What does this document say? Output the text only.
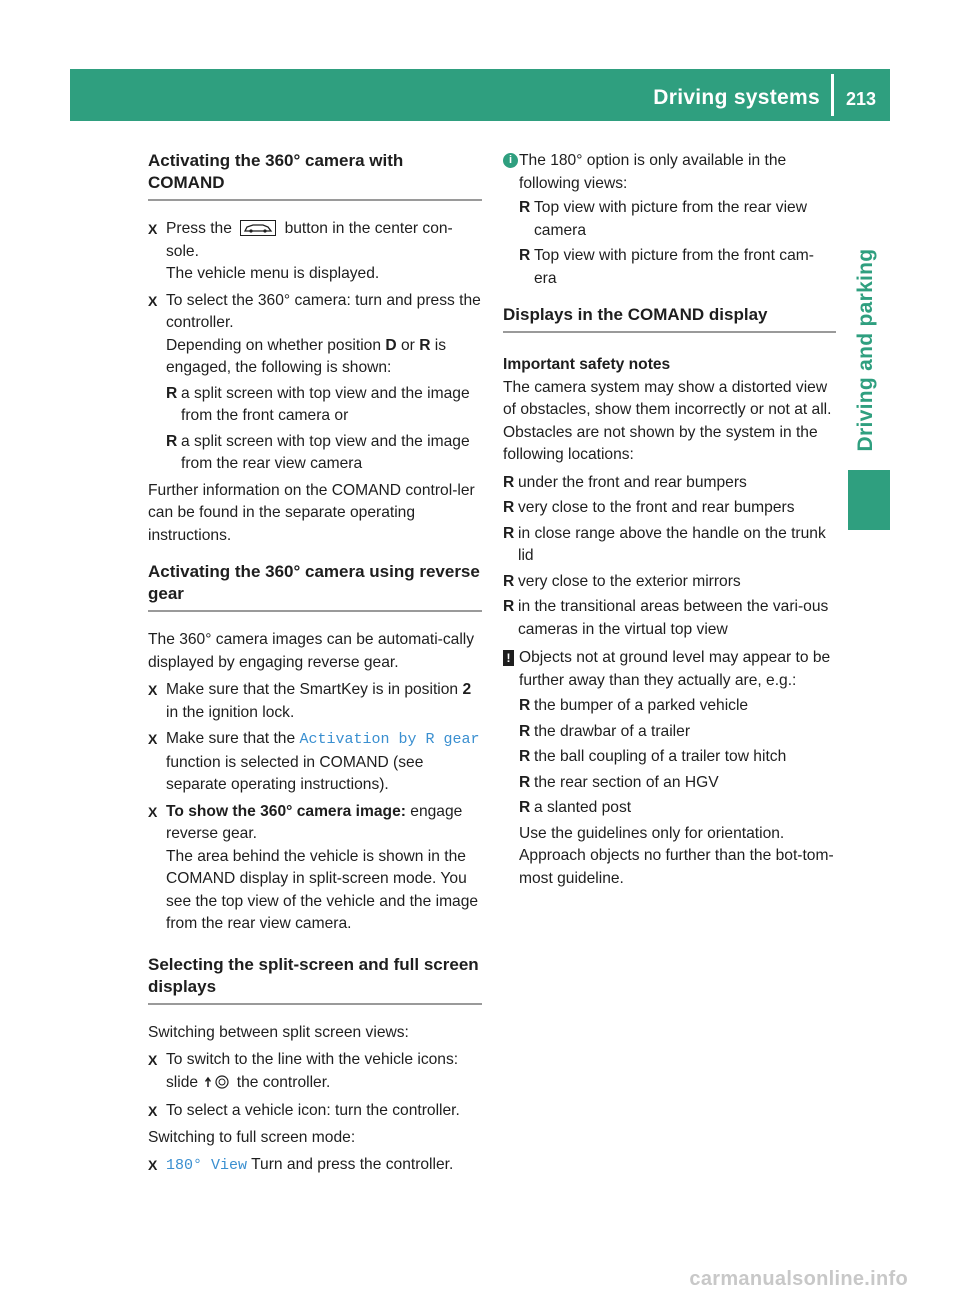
Driving systems	213
Driving and parking
Activating the 360° camera with COMAND
X Press the	button in the center con-sole.
The vehicle menu is displayed.
X To select the 360° camera: turn and press the controller.
Depending on whether position D or R is engaged, the following is shown:
R a split screen with top view and the image from the front camera or
R a split screen with top view and the image from the rear view camera

Further information on the COMAND control-ler can be found in the separate operating instructions.

Activating the 360° camera using reverse gear

The 360° camera images can be automati-cally displayed by engaging reverse gear.

X Make sure that the SmartKey is in position 2 in the ignition lock.
X Make sure that the Activation by R gear function is selected in COMAND (see separate operating instructions).
X To show the 360° camera image: engage reverse gear.
The area behind the vehicle is shown in the COMAND display in split-screen mode. You see the top view of the vehicle and the image from the rear view camera.
Selecting the split-screen and full screen displays

Switching between split screen views:

X To switch to the line with the vehicle icons:
slide the controller.
X To select a vehicle icon: turn the controller.

Switching to full screen mode:

X 180° View Turn and press the controller.
i The 180° option is only available in the following views:
R Top view with picture from the rear view camera
R Top view with picture from the front cam-era
Displays in the COMAND display

Important safety notes

The camera system may show a distorted view of obstacles, show them incorrectly or not at all. Obstacles are not shown by the system in the following locations:

R under the front and rear bumpers
R very close to the front and rear bumpers
R in close range above the handle on the trunk lid
R very close to the exterior mirrors
R in the transitional areas between the vari-ous cameras in the virtual top view
! Objects not at ground level may appear to be further away than they actually are, e.g.:
R the bumper of a parked vehicle
R the drawbar of a trailer
R the ball coupling of a trailer tow hitch
R the rear section of an HGV
R a slanted post

Use the guidelines only for orientation. Approach objects no further than the bot-tom-most guideline.

carmanualsonline.info
